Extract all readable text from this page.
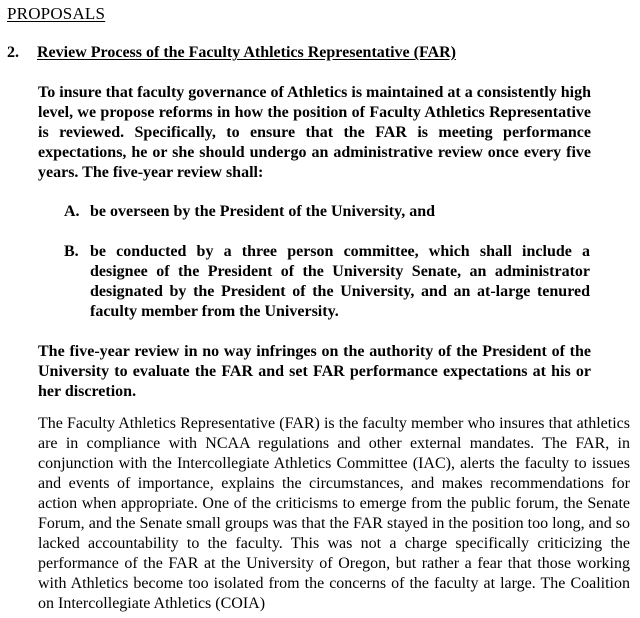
PROPOSALS
2. Review Process of the Faculty Athletics Representative (FAR)
To insure that faculty governance of Athletics is maintained at a consistently high level, we propose reforms in how the position of Faculty Athletics Representative is reviewed. Specifically, to ensure that the FAR is meeting performance expectations, he or she should undergo an administrative review once every five years. The five-year review shall:
A. be overseen by the President of the University, and
B. be conducted by a three person committee, which shall include a designee of the President of the University Senate, an administrator designated by the President of the University, and an at-large tenured faculty member from the University.
The five-year review in no way infringes on the authority of the President of the University to evaluate the FAR and set FAR performance expectations at his or her discretion.
The Faculty Athletics Representative (FAR) is the faculty member who insures that athletics are in compliance with NCAA regulations and other external mandates. The FAR, in conjunction with the Intercollegiate Athletics Committee (IAC), alerts the faculty to issues and events of importance, explains the circumstances, and makes recommendations for action when appropriate. One of the criticisms to emerge from the public forum, the Senate Forum, and the Senate small groups was that the FAR stayed in the position too long, and so lacked accountability to the faculty. This was not a charge specifically criticizing the performance of the FAR at the University of Oregon, but rather a fear that those working with Athletics become too isolated from the concerns of the faculty at large. The Coalition on Intercollegiate Athletics (COIA)
